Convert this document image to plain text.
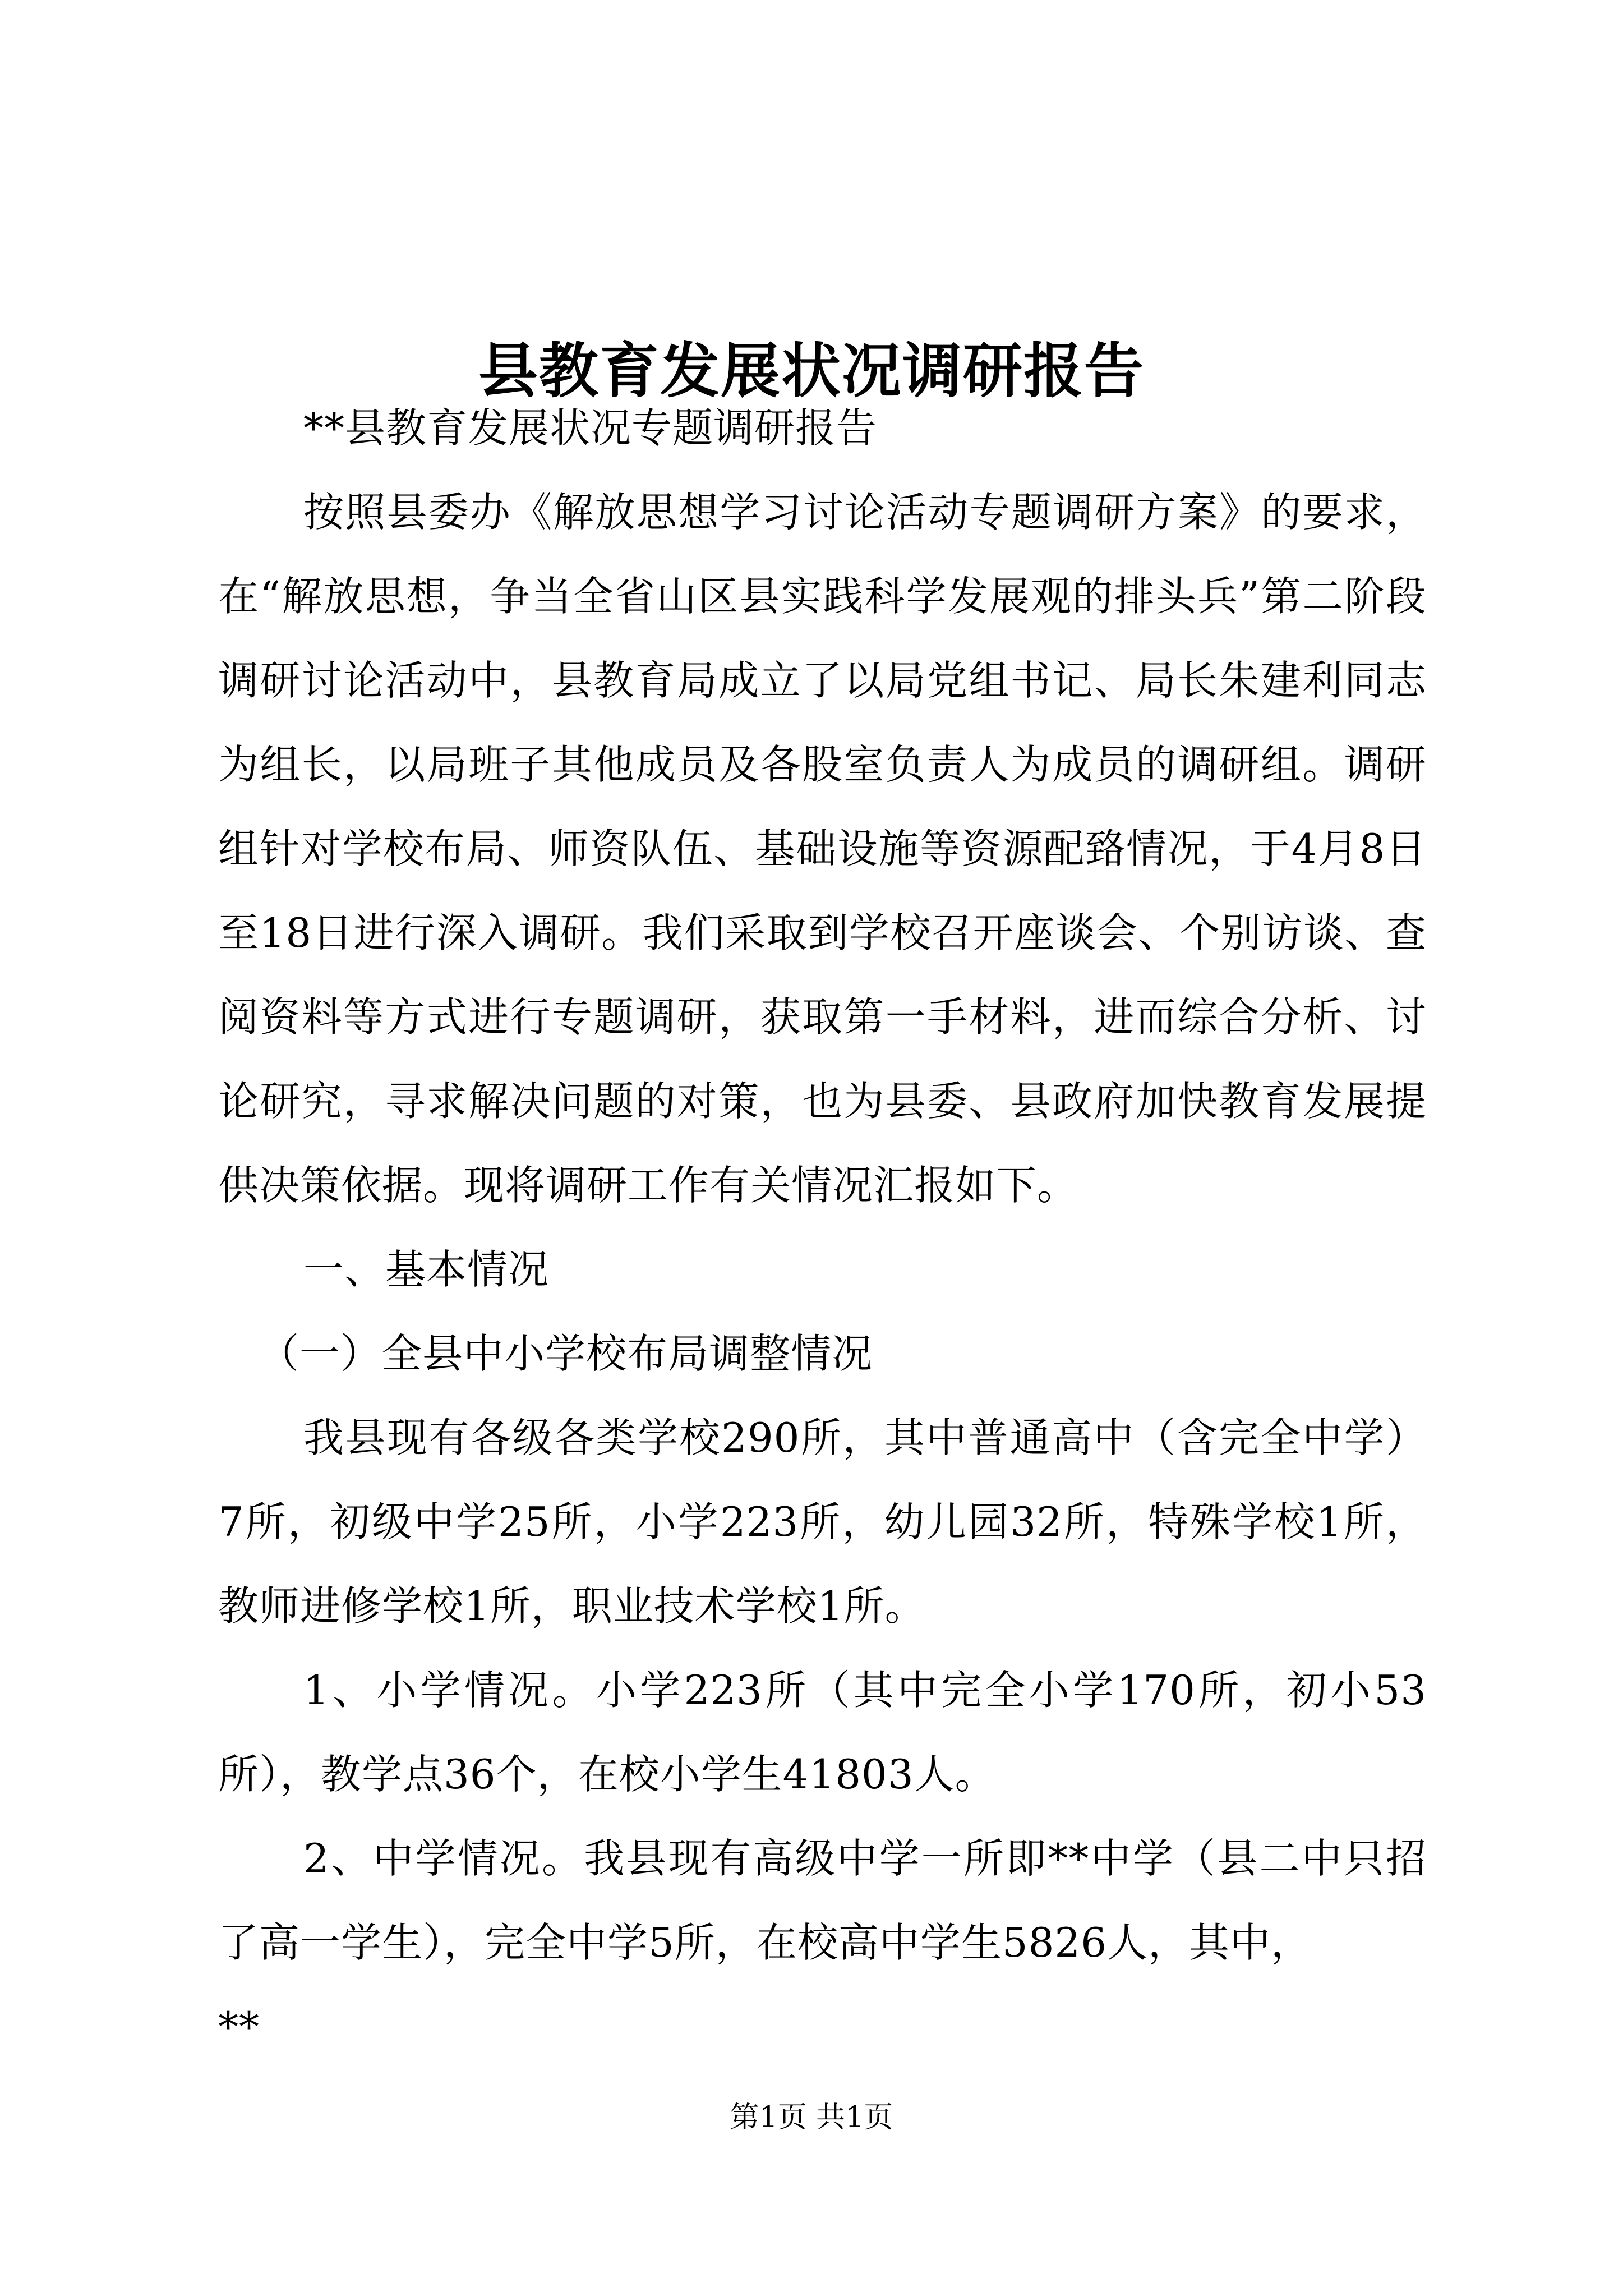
县教育发展状况调研报告

**县教育发展状况专题调研报告

按照县委办《解放思想学习讨论活动专题调研方案》的要求，在“解放思想，争当全省山区县实践科学发展观的排头兵”第二阶段调研讨论活动中，县教育局成立了以局党组书记、局长朱建利同志为组长，以局班子其他成员及各股室负责人为成员的调研组。调研组针对学校布局、师资队伍、基础设施等资源配臵情况，于4月8日至18日进行深入调研。我们采取到学校召开座谈会、个别访谈、查阅资料等方式进行专题调研，获取第一手材料，进而综合分析、讨论研究，寻求解决问题的对策，也为县委、县政府加快教育发展提供决策依据。现将调研工作有关情况汇报如下。

一、基本情况

（一）全县中小学校布局调整情况

我县现有各级各类学校290所，其中普通高中（含完全中学）7所，初级中学25所，小学223所，幼儿园32所，特殊学校1所，教师进修学校1所，职业技术学校1所。

1、小学情况。小学223所（其中完全小学170所，初小53所），教学点36个，在校小学生41803人。

2、中学情况。我县现有高级中学一所即**中学（县二中只招了高一学生），完全中学5所，在校高中学生5826人，其中，

**

第1页 共1页
